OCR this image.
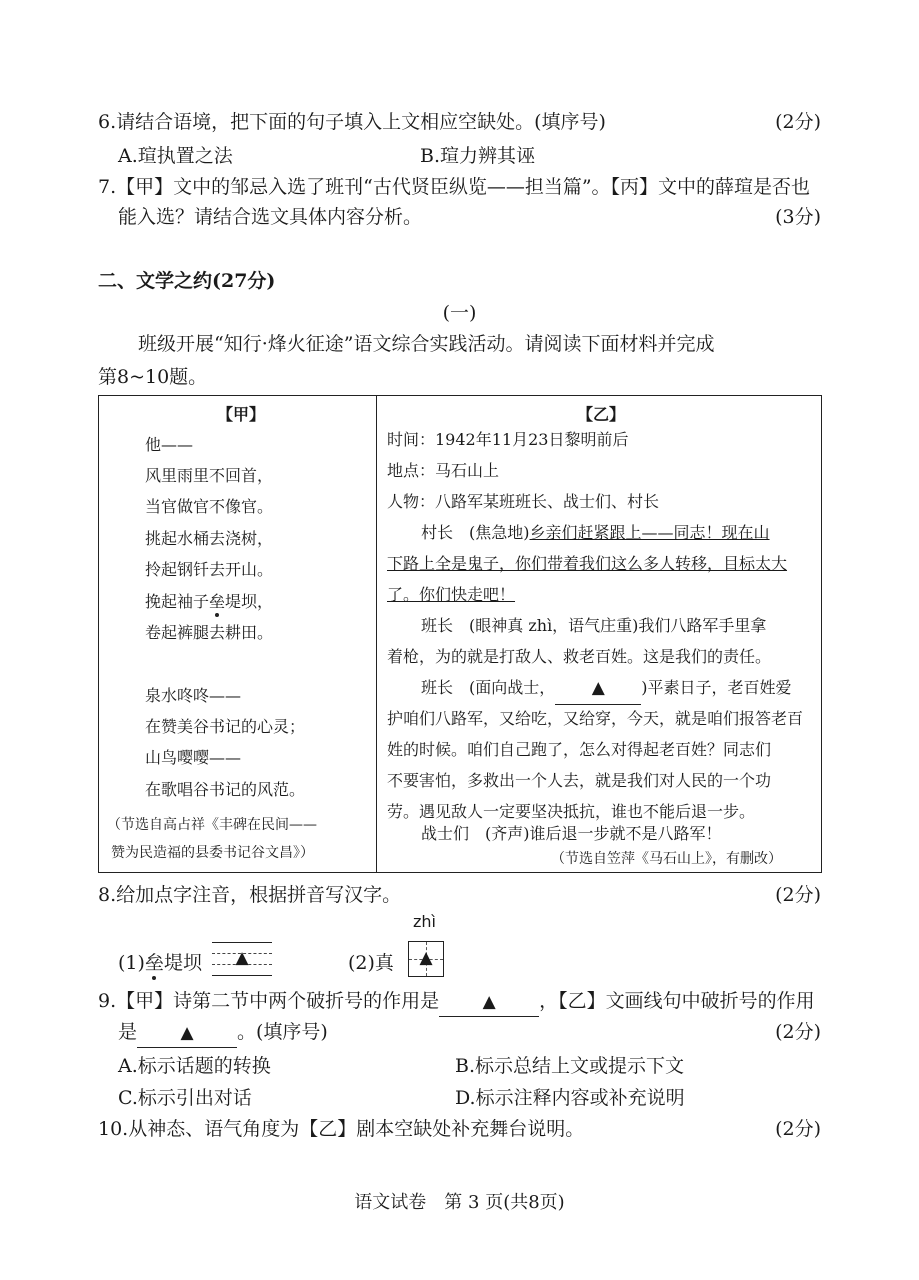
6.请结合语境，把下面的句子填入上文相应空缺处。(填序号)	(2分)
A.瑄执置之法	B.瑄力辨其诬
7.【甲】文中的邹忌入选了班刊“古代贤臣纵览——担当篇”。【丙】文中的薛瑄是否也
能入选？请结合选文具体内容分析。	(3分)
二、文学之约(27分)
(一)
班级开展“知行·烽火征途”语文综合实践活动。请阅读下面材料并完成
第8~10题。
【甲】
他——
风里雨里不回首，
当官做官不像官。
挑起水桶去浇树，
拎起钢钎去开山。
挽起袖子垒堤坝，
卷起裤腿去耕田。
泉水咚咚——
在赞美谷书记的心灵；
山鸟嘤嘤——
在歌唱谷书记的风范。
（节选自高占祥《丰碑在民间——
赞为民造福的县委书记谷文昌》）
【乙】
时间：1942年11月23日黎明前后
地点：马石山上
人物：八路军某班班长、战士们、村长
村长　(焦急地)乡亲们赶紧跟上——同志！现在山
下路上全是鬼子，你们带着我们这么多人转移，目标太大
了。你们快走吧！
班长　(眼神真 zhì，语气庄重)我们八路军手里拿
着枪，为的就是打敌人、救老百姓。这是我们的责任。
班长　(面向战士， ▲ )平素日子，老百姓爱
护咱们八路军，又给吃，又给穿，今天，就是咱们报答老百
姓的时候。咱们自己跑了，怎么对得起老百姓？同志们
不要害怕，多救出一个人去，就是我们对人民的一个功
劳。遇见敌人一定要坚决抵抗，谁也不能后退一步。
战士们　(齐声)谁后退一步就不是八路军！
（节选自笠萍《马石山上》，有删改）
8.给加点字注音，根据拼音写汉字。	(2分)
(1)垒堤坝	▲	(2)真
zhì
▲
9.【甲】诗第二节中两个破折号的作用是	▲ ，【乙】文画线句中破折号的作用
是	▲ 。(填序号)	(2分)
A.标示话题的转换	B.标示总结上文或提示下文
C.标示引出对话	D.标示注释内容或补充说明
10.从神态、语气角度为【乙】剧本空缺处补充舞台说明。	(2分)
语文试卷　第 3 页(共8页)
